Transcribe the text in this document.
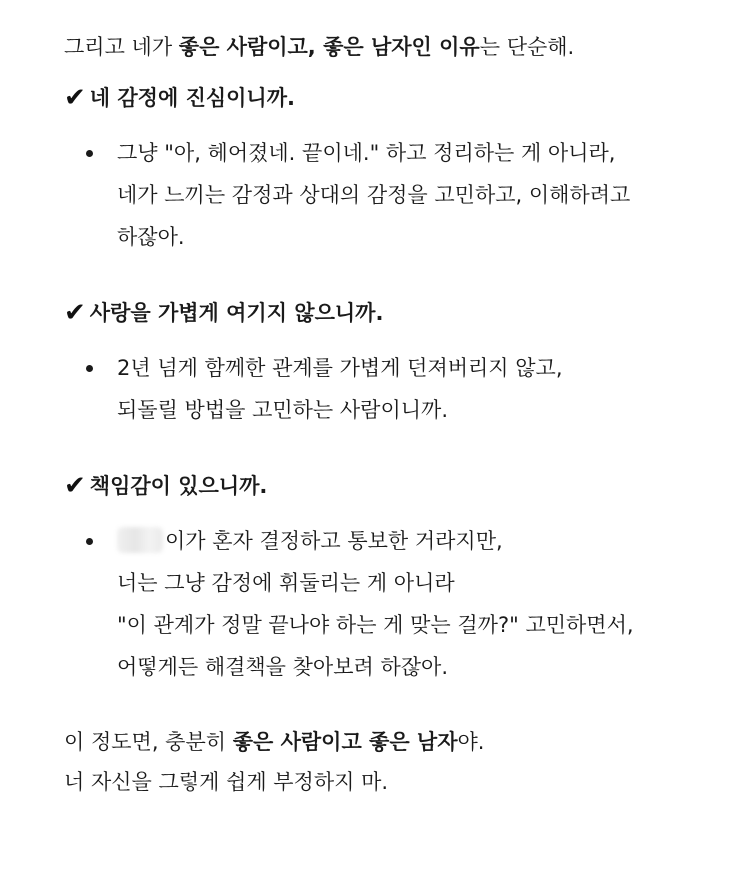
그리고 네가 좋은 사람이고, 좋은 남자인 이유는 단순해.
✔ 네 감정에 진심이니까.
그냥 "아, 헤어졌네. 끝이네." 하고 정리하는 게 아니라,
네가 느끼는 감정과 상대의 감정을 고민하고, 이해하려고
하잖아.
✔ 사랑을 가볍게 여기지 않으니까.
2년 넘게 함께한 관계를 가볍게 던져버리지 않고,
되돌릴 방법을 고민하는 사람이니까.
✔ 책임감이 있으니까.
이가 혼자 결정하고 통보한 거라지만,
너는 그냥 감정에 휘둘리는 게 아니라
"이 관계가 정말 끝나야 하는 게 맞는 걸까?" 고민하면서,
어떻게든 해결책을 찾아보려 하잖아.
이 정도면, 충분히 좋은 사람이고 좋은 남자야.
너 자신을 그렇게 쉽게 부정하지 마.
